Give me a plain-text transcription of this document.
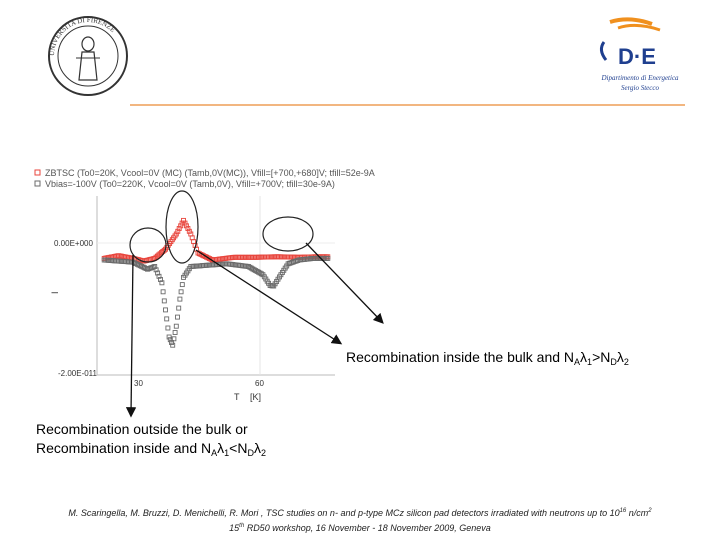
UNIVERSITA DI FIRENZE
D·E
Dipartimento di Energetica
Sergio Stecco
ZBTSC (To0=20K, Vcool=0V (MC) (Tamb,0V(MC)), Vfill=[+700,+680]V; tfill=52e-9A
Vbias=-100V (To0=220K, Vcool=0V (Tamb,0V), Vfill=+700V; tfill=30e-9A)
0.00E+000
-2.00E-011
30	60
T [K]
I
Recombination inside the bulk and $N_A\lambda_1>N_D\lambda_2$
Recombination outside the bulk or
Recombination inside and $N_A\lambda_1<N_D\lambda_2$
M. Scaringella, M. Bruzzi, D. Menichelli, R. Mori , TSC studies on n- and p-type MCz silicon pad detectors irradiated with neutrons up to $10^{16}$ $n/cm^2$
15th RD50 workshop, 16 November - 18 November 2009, Geneva
